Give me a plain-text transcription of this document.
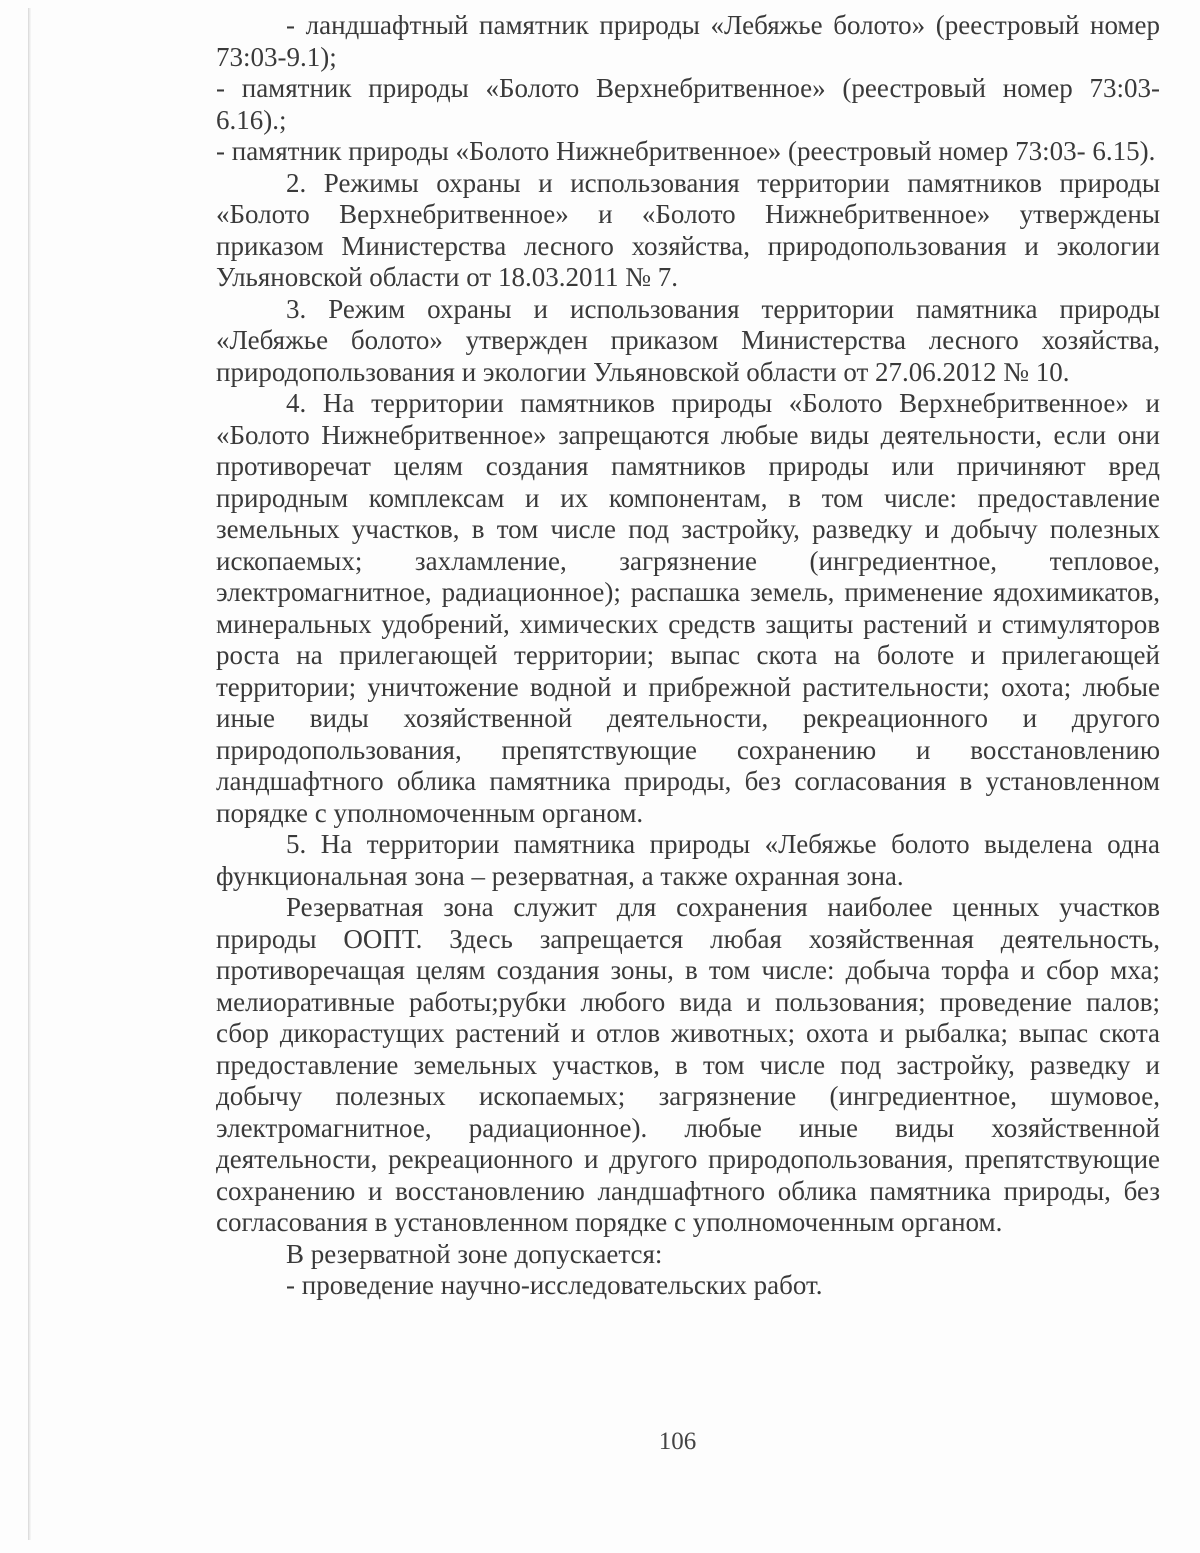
- ландшафтный памятник природы «Лебяжье болото» (реестровый номер 73:03-9.1);

- памятник природы «Болото Верхнебритвенное» (реестровый номер 73:03-6.16).;

- памятник природы «Болото Нижнебритвенное» (реестровый номер 73:03- 6.15).

2. Режимы охраны и использования территории памятников природы «Болото Верхнебритвенное» и «Болото Нижнебритвенное» утверждены приказом Министерства лесного хозяйства, природопользования и экологии Ульяновской области от 18.03.2011 № 7.

3. Режим охраны и использования территории памятника природы «Лебяжье болото» утвержден приказом Министерства лесного хозяйства, природопользования и экологии Ульяновской области от 27.06.2012 № 10.

4. На территории памятников природы «Болото Верхнебритвенное» и «Болото Нижнебритвенное» запрещаются любые виды деятельности, если они противоречат целям создания памятников природы или причиняют вред природным комплексам и их компонентам, в том числе: предоставление земельных участков, в том числе под застройку, разведку и добычу полезных ископаемых; захламление, загрязнение (ингредиентное, тепловое, электромагнитное, радиационное); распашка земель, применение ядохимикатов, минеральных удобрений, химических средств защиты растений и стимуляторов роста на прилегающей территории; выпас скота на болоте и прилегающей территории; уничтожение водной и прибрежной растительности; охота; любые иные виды хозяйственной деятельности, рекреационного и другого природопользования, препятствующие сохранению и восстановлению ландшафтного облика памятника природы, без согласования в установленном порядке с уполномоченным органом.

5. На территории памятника природы «Лебяжье болото выделена одна функциональная зона – резерватная, а также охранная зона.

Резерватная зона служит для сохранения наиболее ценных участков природы ООПТ. Здесь запрещается любая хозяйственная деятельность, противоречащая целям создания зоны, в том числе: добыча торфа и сбор мха; мелиоративные работы;рубки любого вида и пользования; проведение палов; сбор дикорастущих растений и отлов животных; охота и рыбалка; выпас скота предоставление земельных участков, в том числе под застройку, разведку и добычу полезных ископаемых; загрязнение (ингредиентное, шумовое, электромагнитное, радиационное). любые иные виды хозяйственной деятельности, рекреационного и другого природопользования, препятствующие сохранению и восстановлению ландшафтного облика памятника природы, без согласования в установленном порядке с уполномоченным органом.

В резерватной зоне допускается:

- проведение научно-исследовательских работ.

106
